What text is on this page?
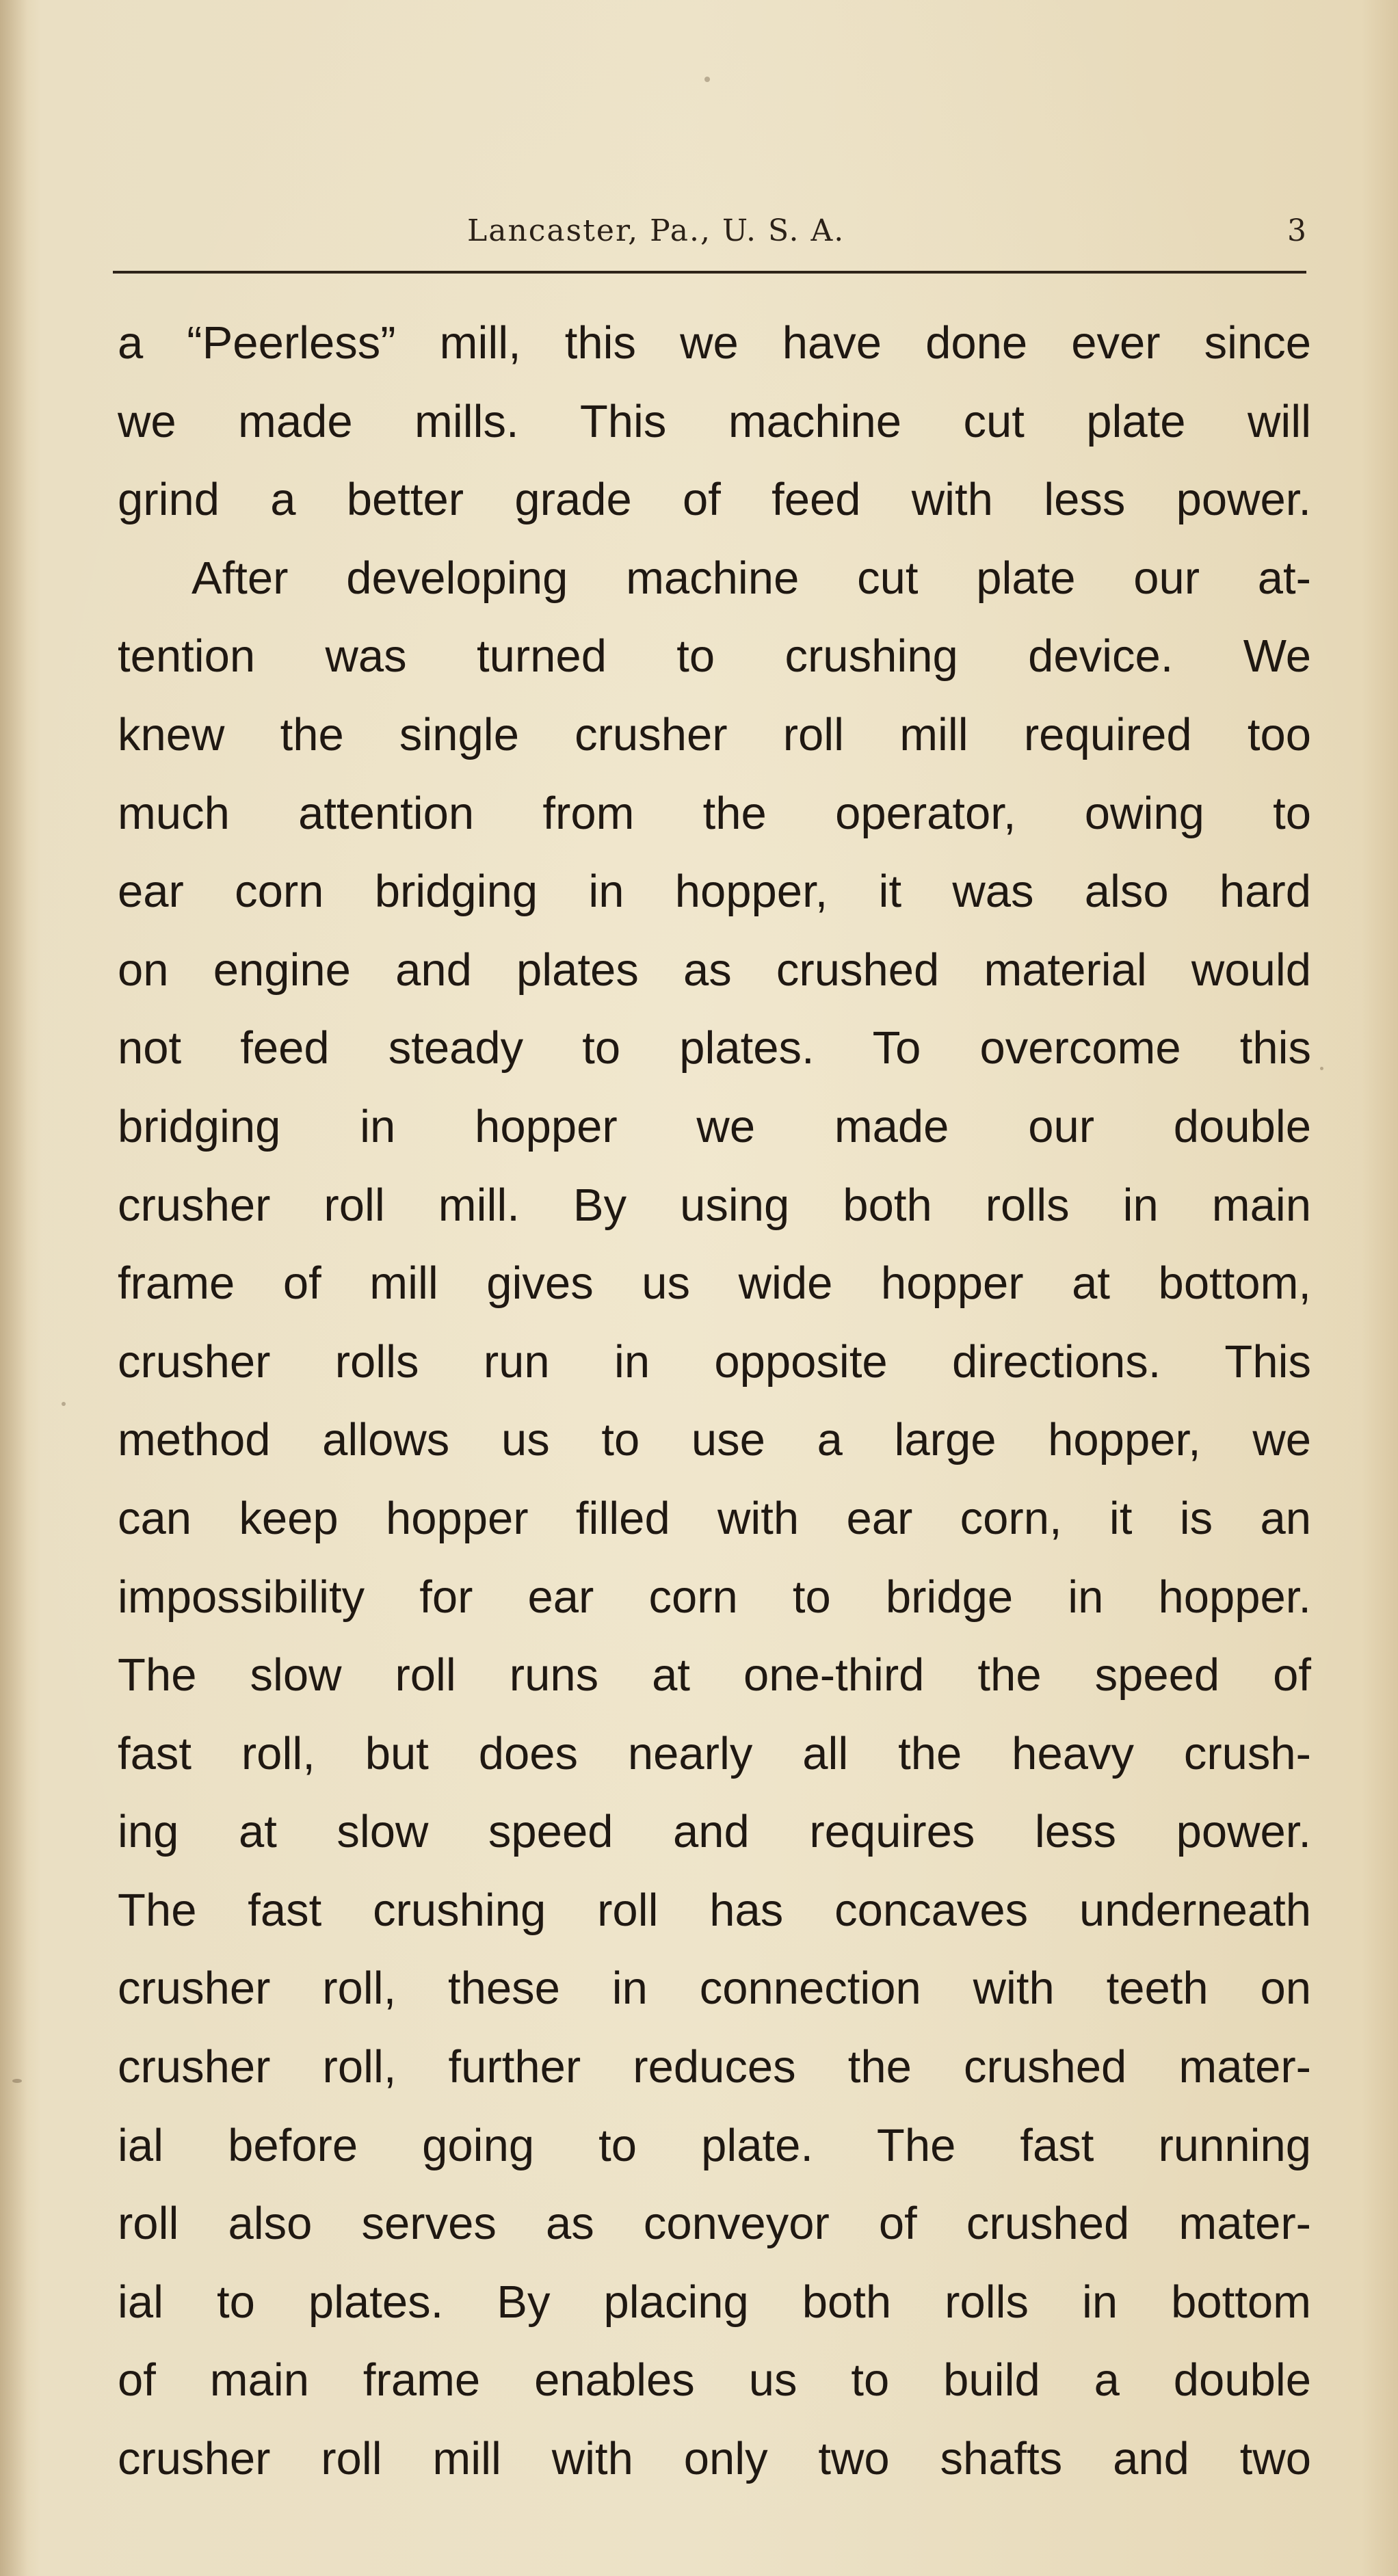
Lancaster, Pa., U. S. A.	3
a “Peerless” mill, this we have done ever since
we made mills. This machine cut plate will
grind a better grade of feed with less power.
After developing machine cut plate our at-
tention was turned to crushing device. We
knew the single crusher roll mill required too
much attention from the operator, owing to
ear corn bridging in hopper, it was also hard
on engine and plates as crushed material would
not feed steady to plates. To overcome this
bridging in hopper we made our double
crusher roll mill. By using both rolls in main
frame of mill gives us wide hopper at bottom,
crusher rolls run in opposite directions. This
method allows us to use a large hopper, we
can keep hopper filled with ear corn, it is an
impossibility for ear corn to bridge in hopper.
The slow roll runs at one-third the speed of
fast roll, but does nearly all the heavy crush-
ing at slow speed and requires less power.
The fast crushing roll has concaves underneath
crusher roll, these in connection with teeth on
crusher roll, further reduces the crushed mater-
ial before going to plate. The fast running
roll also serves as conveyor of crushed mater-
ial to plates. By placing both rolls in bottom
of main frame enables us to build a double
crusher roll mill with only two shafts and two
